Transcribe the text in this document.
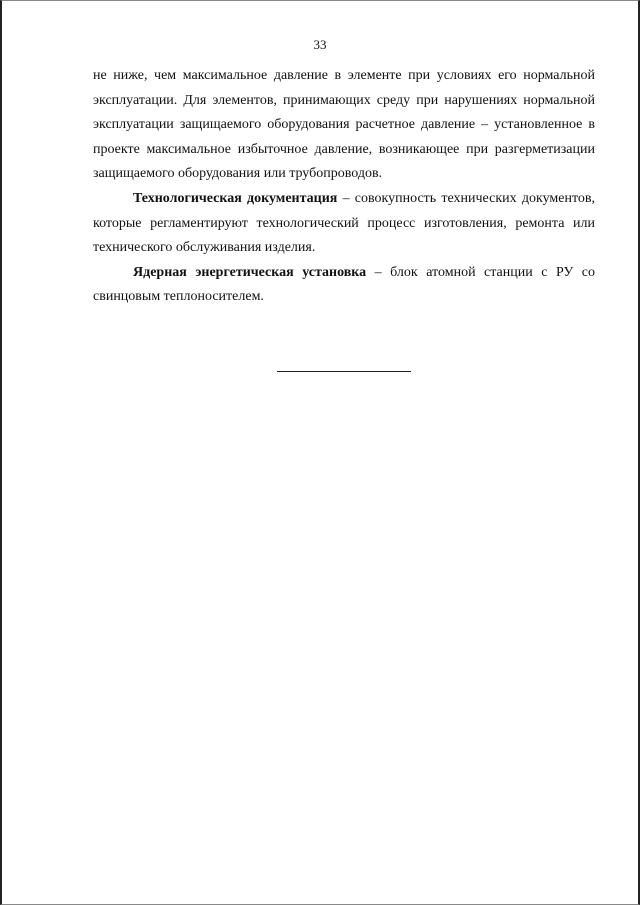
33

не ниже, чем максимальное давление в элементе при условиях его нормальной эксплуатации. Для элементов, принимающих среду при нарушениях нормальной эксплуатации защищаемого оборудования расчетное давление – установленное в проекте максимальное избыточное давление, возникающее при разгерметизации защищаемого оборудования или трубопроводов.

Технологическая документация – совокупность технических документов, которые регламентируют технологический процесс изготовления, ремонта или технического обслуживания изделия.

Ядерная энергетическая установка – блок атомной станции с РУ со свинцовым теплоносителем.
